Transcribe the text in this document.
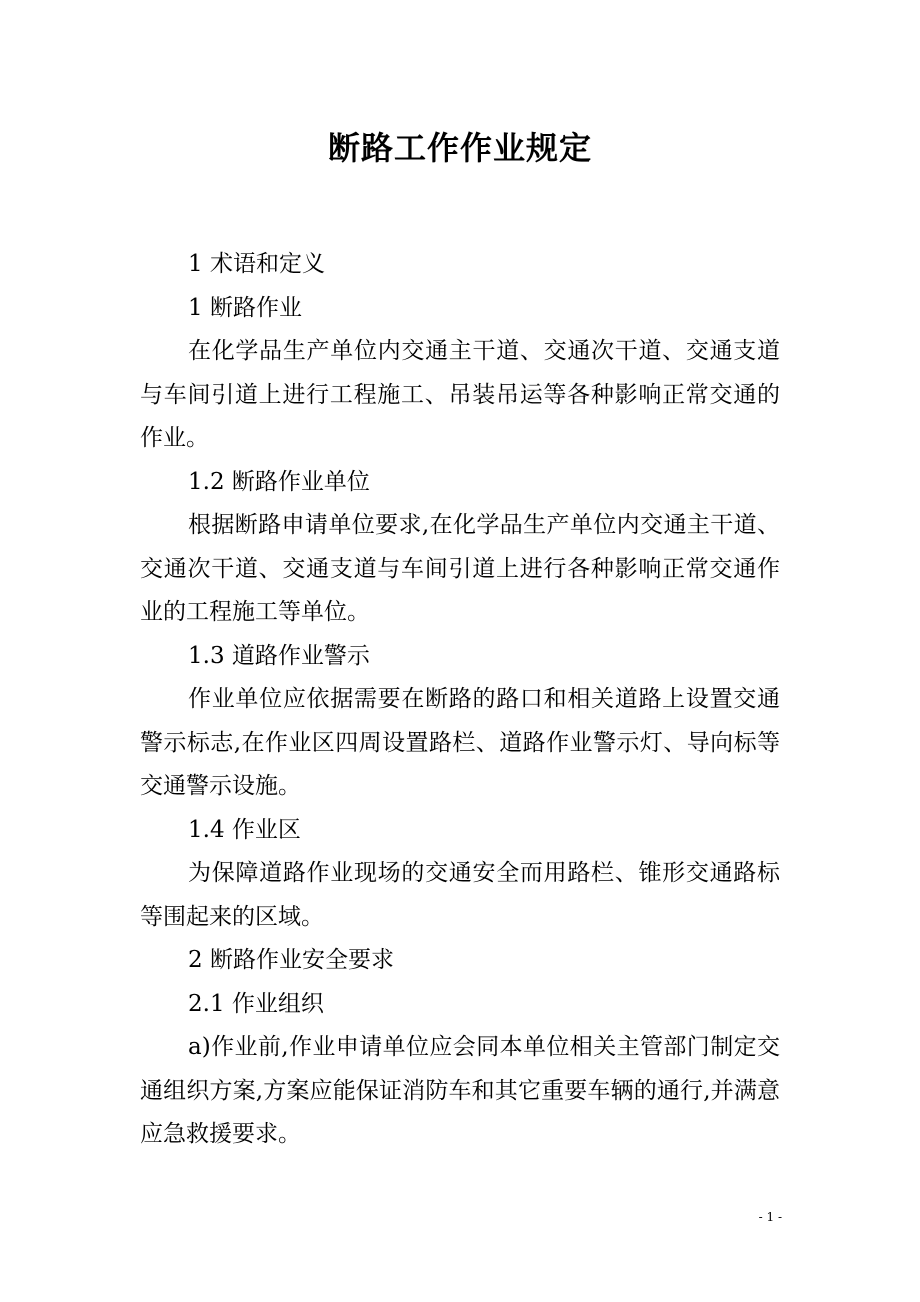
断路工作作业规定

1 术语和定义

1 断路作业

在化学品生产单位内交通主干道、交通次干道、交通支道与车间引道上进行工程施工、吊装吊运等各种影响正常交通的作业。

1.2 断路作业单位

根据断路申请单位要求,在化学品生产单位内交通主干道、交通次干道、交通支道与车间引道上进行各种影响正常交通作业的工程施工等单位。

1.3 道路作业警示

作业单位应依据需要在断路的路口和相关道路上设置交通警示标志,在作业区四周设置路栏、道路作业警示灯、导向标等交通警示设施。

1.4 作业区

为保障道路作业现场的交通安全而用路栏、锥形交通路标等围起来的区域。

2 断路作业安全要求

2.1 作业组织

a)作业前,作业申请单位应会同本单位相关主管部门制定交通组织方案,方案应能保证消防车和其它重要车辆的通行,并满意应急救援要求。

- 1 -
